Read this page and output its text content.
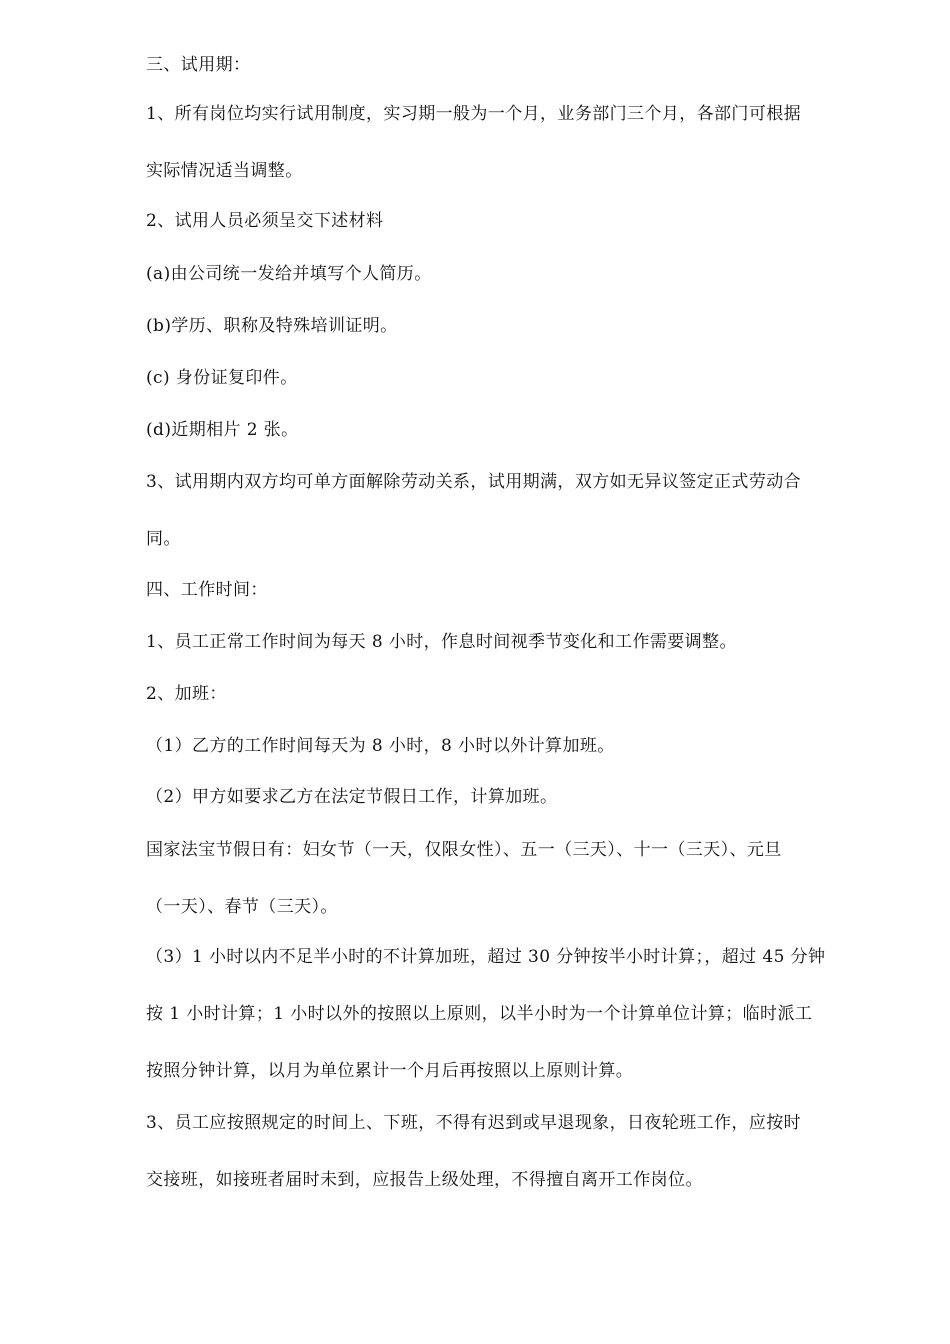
三、试用期：
1、所有岗位均实行试用制度，实习期一般为一个月，业务部门三个月，各部门可根据
实际情况适当调整。
2、试用人员必须呈交下述材料
(a)由公司统一发给并填写个人简历。
(b)学历、职称及特殊培训证明。
(c) 身份证复印件。
(d)近期相片 2 张。
3、试用期内双方均可单方面解除劳动关系，试用期满，双方如无异议签定正式劳动合
同。
四、工作时间：
1、员工正常工作时间为每天 8 小时，作息时间视季节变化和工作需要调整。
2、加班：
（1）乙方的工作时间每天为 8 小时，8 小时以外计算加班。
（2）甲方如要求乙方在法定节假日工作，计算加班。
国家法宝节假日有：妇女节（一天，仅限女性）、五一（三天）、十一（三天）、元旦
（一天）、春节（三天）。
（3）1 小时以内不足半小时的不计算加班，超过 30 分钟按半小时计算；，超过 45 分钟
按 1 小时计算；1 小时以外的按照以上原则，以半小时为一个计算单位计算；临时派工
按照分钟计算，以月为单位累计一个月后再按照以上原则计算。
3、员工应按照规定的时间上、下班，不得有迟到或早退现象，日夜轮班工作，应按时
交接班，如接班者届时未到，应报告上级处理，不得擅自离开工作岗位。
